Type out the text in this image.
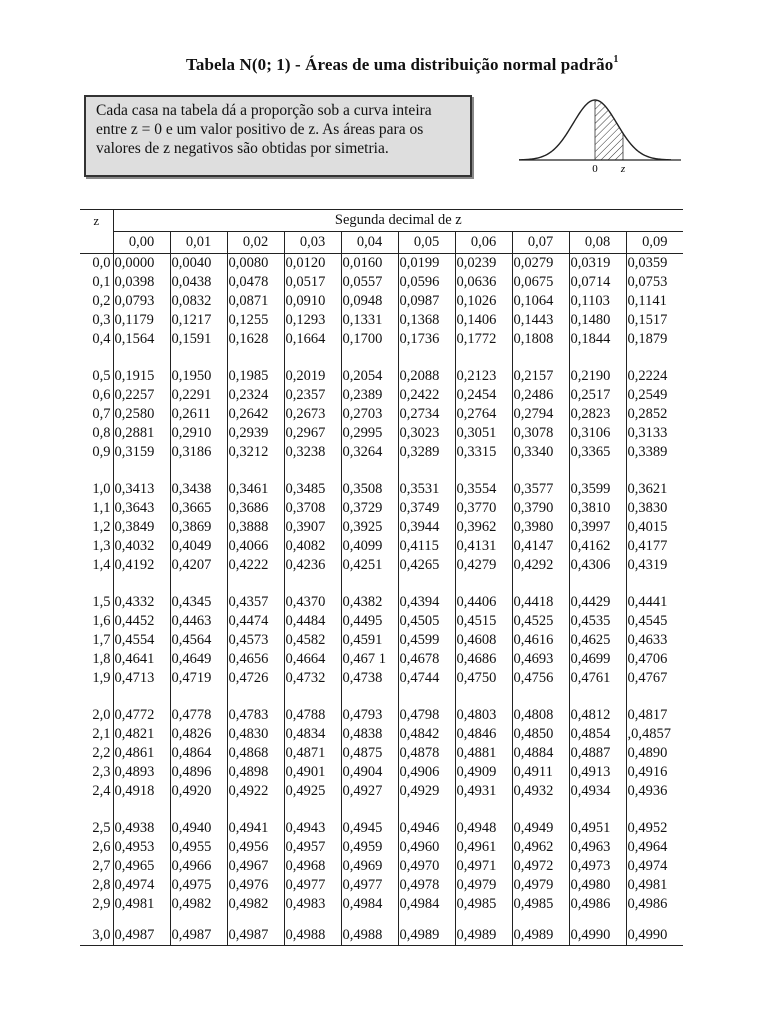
Tabela N(0; 1) - Áreas de uma distribuição normal padrão$^1$
Cada casa na tabela dá a proporção sob a curva inteira
entre z = 0 e um valor positivo de z. As áreas para os
valores de z negativos são obtidas por simetria.
0 z
z	Segunda decimal de z									
	0,00	0,01	0,02	0,03	0,04	0,05	0,06	0,07	0,08	0,09
0,0	0,0000	0,0040	0,0080	0,0120	0,0160	0,0199	0,0239	0,0279	0,0319	0,0359
0,1	0,0398	0,0438	0,0478	0,0517	0,0557	0,0596	0,0636	0,0675	0,0714	0,0753
0,2	0,0793	0,0832	0,0871	0,0910	0,0948	0,0987	0,1026	0,1064	0,1103	0,1141
0,3	0,1179	0,1217	0,1255	0,1293	0,1331	0,1368	0,1406	0,1443	0,1480	0,1517
0,4	0,1564	0,1591	0,1628	0,1664	0,1700	0,1736	0,1772	0,1808	0,1844	0,1879
0,5	0,1915	0,1950	0,1985	0,2019	0,2054	0,2088	0,2123	0,2157	0,2190	0,2224
0,6	0,2257	0,2291	0,2324	0,2357	0,2389	0,2422	0,2454	0,2486	0,2517	0,2549
0,7	0,2580	0,2611	0,2642	0,2673	0,2703	0,2734	0,2764	0,2794	0,2823	0,2852
0,8	0,2881	0,2910	0,2939	0,2967	0,2995	0,3023	0,3051	0,3078	0,3106	0,3133
0,9	0,3159	0,3186	0,3212	0,3238	0,3264	0,3289	0,3315	0,3340	0,3365	0,3389
1,0	0,3413	0,3438	0,3461	0,3485	0,3508	0,3531	0,3554	0,3577	0,3599	0,3621
1,1	0,3643	0,3665	0,3686	0,3708	0,3729	0,3749	0,3770	0,3790	0,3810	0,3830
1,2	0,3849	0,3869	0,3888	0,3907	0,3925	0,3944	0,3962	0,3980	0,3997	0,4015
1,3	0,4032	0,4049	0,4066	0,4082	0,4099	0,4115	0,4131	0,4147	0,4162	0,4177
1,4	0,4192	0,4207	0,4222	0,4236	0,4251	0,4265	0,4279	0,4292	0,4306	0,4319
1,5	0,4332	0,4345	0,4357	0,4370	0,4382	0,4394	0,4406	0,4418	0,4429	0,4441
1,6	0,4452	0,4463	0,4474	0,4484	0,4495	0,4505	0,4515	0,4525	0,4535	0,4545
1,7	0,4554	0,4564	0,4573	0,4582	0,4591	0,4599	0,4608	0,4616	0,4625	0,4633
1,8	0,4641	0,4649	0,4656	0,4664	0,467 1	0,4678	0,4686	0,4693	0,4699	0,4706
1,9	0,4713	0,4719	0,4726	0,4732	0,4738	0,4744	0,4750	0,4756	0,4761	0,4767
2,0	0,4772	0,4778	0,4783	0,4788	0,4793	0,4798	0,4803	0,4808	0,4812	0,4817
2,1	0,4821	0,4826	0,4830	0,4834	0,4838	0,4842	0,4846	0,4850	0,4854	,0,4857
2,2	0,4861	0,4864	0,4868	0,4871	0,4875	0,4878	0,4881	0,4884	0,4887	0,4890
2,3	0,4893	0,4896	0,4898	0,4901	0,4904	0,4906	0,4909	0,4911	0,4913	0,4916
2,4	0,4918	0,4920	0,4922	0,4925	0,4927	0,4929	0,4931	0,4932	0,4934	0,4936
2,5	0,4938	0,4940	0,4941	0,4943	0,4945	0,4946	0,4948	0,4949	0,4951	0,4952
2,6	0,4953	0,4955	0,4956	0,4957	0,4959	0,4960	0,4961	0,4962	0,4963	0,4964
2,7	0,4965	0,4966	0,4967	0,4968	0,4969	0,4970	0,4971	0,4972	0,4973	0,4974
2,8	0,4974	0,4975	0,4976	0,4977	0,4977	0,4978	0,4979	0,4979	0,4980	0,4981
2,9	0,4981	0,4982	0,4982	0,4983	0,4984	0,4984	0,4985	0,4985	0,4986	0,4986
3,0	0,4987	0,4987	0,4987	0,4988	0,4988	0,4989	0,4989	0,4989	0,4990	0,4990
